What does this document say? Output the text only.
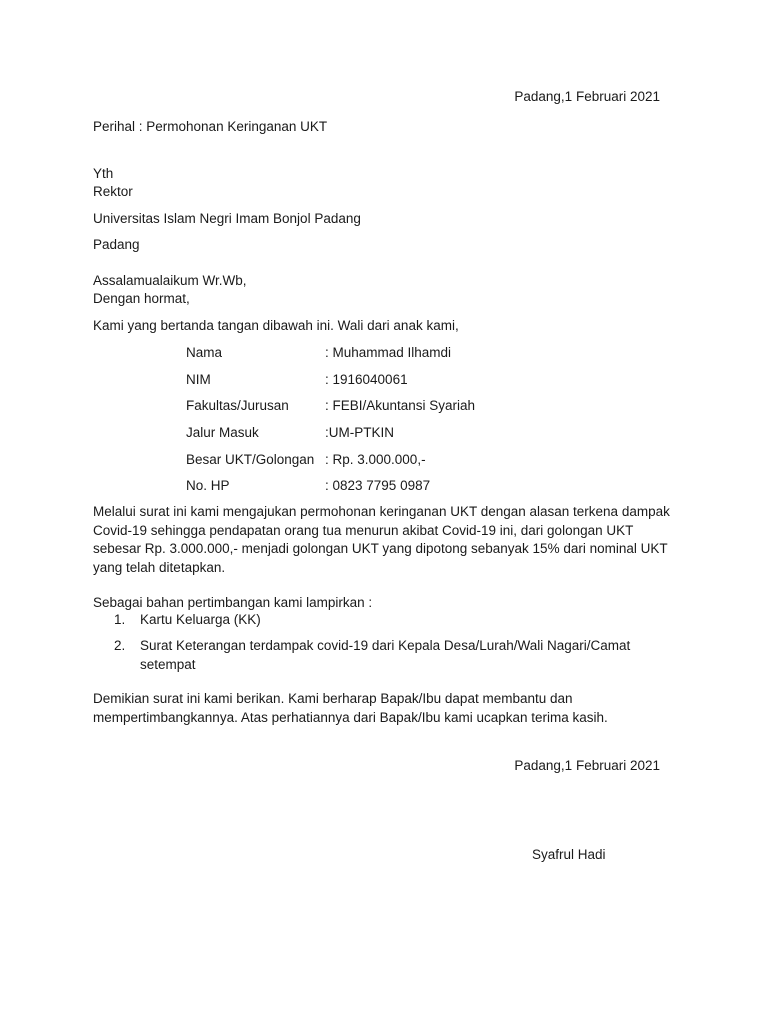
Padang,1 Februari 2021
Perihal : Permohonan Keringanan UKT
Yth
Rektor
Universitas Islam Negri Imam Bonjol Padang
Padang
Assalamualaikum Wr.Wb,
Dengan hormat,
Kami yang bertanda tangan dibawah ini. Wali dari anak kami,
Nama	: Muhammad Ilhamdi
NIM	: 1916040061
Fakultas/Jurusan	: FEBI/Akuntansi Syariah
Jalur Masuk	:UM-PTKIN
Besar UKT/Golongan : Rp. 3.000.000,-
No. HP	: 0823 7795 0987
Melalui surat ini kami mengajukan permohonan keringanan UKT dengan alasan terkena dampak Covid-19 sehingga pendapatan orang tua menurun akibat Covid-19 ini, dari golongan UKT sebesar Rp. 3.000.000,- menjadi golongan UKT yang dipotong sebanyak 15% dari nominal UKT yang telah ditetapkan.
Sebagai bahan pertimbangan kami lampirkan :
1. Kartu Keluarga (KK)
2. Surat Keterangan terdampak covid-19 dari Kepala Desa/Lurah/Wali Nagari/Camat setempat
Demikian surat ini kami berikan. Kami berharap Bapak/Ibu dapat membantu dan mempertimbangkannya. Atas perhatiannya dari Bapak/Ibu kami ucapkan terima kasih.
Padang,1 Februari 2021
Syafrul Hadi
